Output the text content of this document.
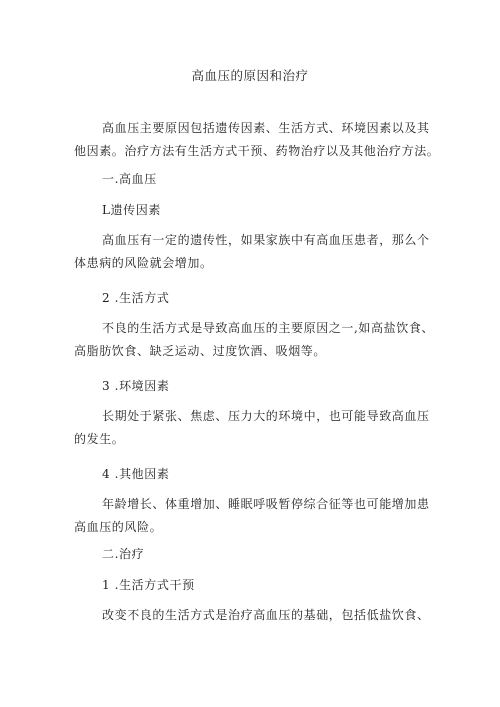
高血压的原因和治疗
高血压主要原因包括遗传因素、生活方式、环境因素以及其
他因素。治疗方法有生活方式干预、药物治疗以及其他治疗方法。
一.高血压
L遗传因素
高血压有一定的遗传性，如果家族中有高血压患者，那么个
体患病的风险就会增加。
2 .生活方式
不良的生活方式是导致高血压的主要原因之一,如高盐饮食、
高脂肪饮食、缺乏运动、过度饮酒、吸烟等。
3 .环境因素
长期处于紧张、焦虑、压力大的环境中，也可能导致高血压
的发生。
4 .其他因素
年龄增长、体重增加、睡眠呼吸暂停综合征等也可能增加患
高血压的风险。
二.治疗
1 .生活方式干预
改变不良的生活方式是治疗高血压的基础，包括低盐饮食、
